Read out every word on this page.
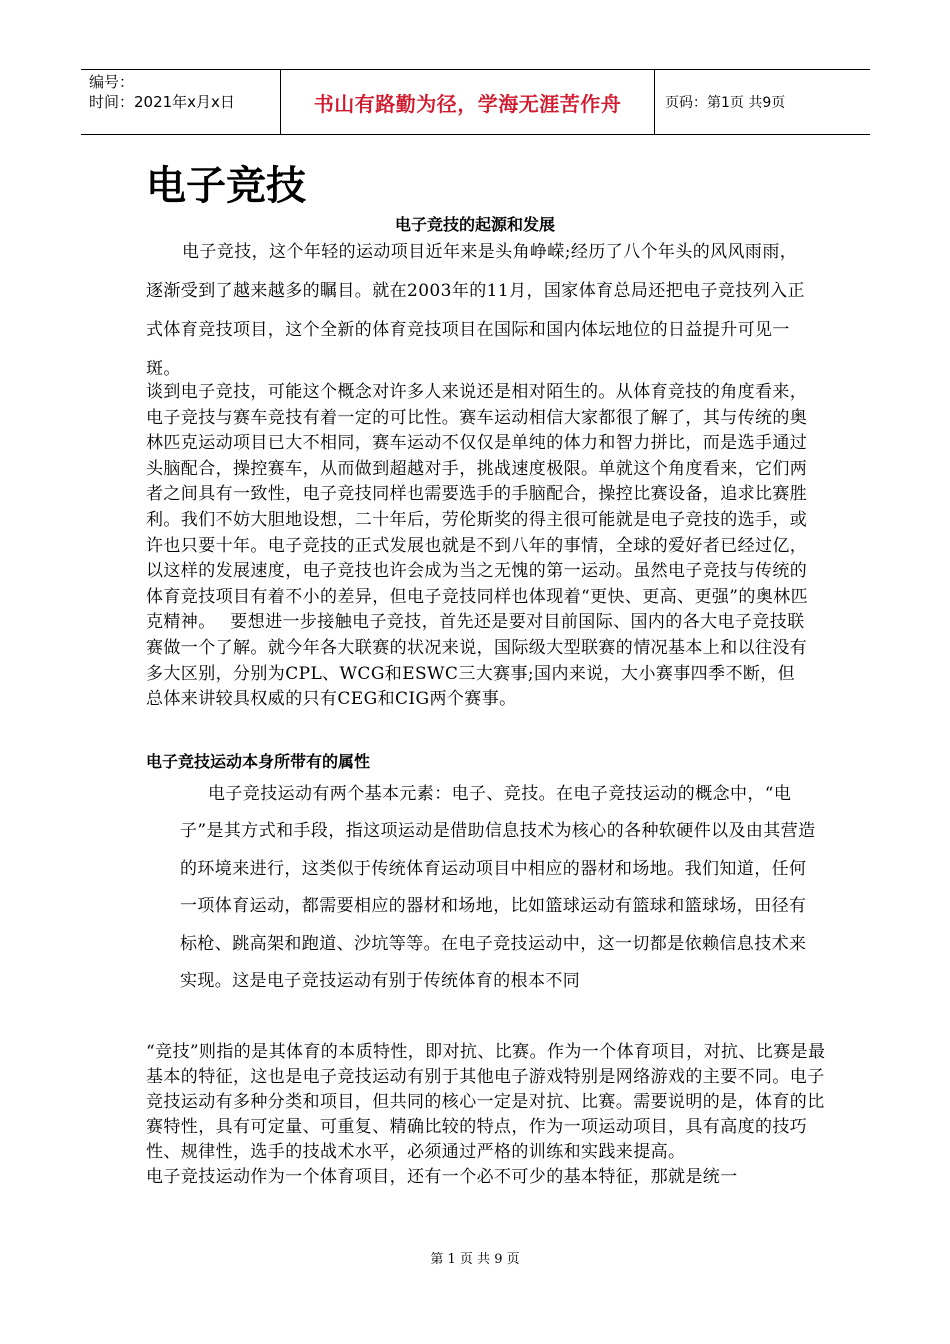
编号：
时间：2021年x月x日	书山有路勤为径，学海无涯苦作舟	页码：第1页 共9页
电子竞技
电子竞技的起源和发展

电子竞技，这个年轻的运动项目近年来是头角峥嵘;经历了八个年头的风风雨雨，逐渐受到了越来越多的瞩目。就在2003年的11月，国家体育总局还把电子竞技列入正式体育竞技项目，这个全新的体育竞技项目在国际和国内体坛地位的日益提升可见一斑。

谈到电子竞技，可能这个概念对许多人来说还是相对陌生的。从体育竞技的角度看来，电子竞技与赛车竞技有着一定的可比性。赛车运动相信大家都很了解了，其与传统的奥林匹克运动项目已大不相同，赛车运动不仅仅是单纯的体力和智力拼比，而是选手通过头脑配合，操控赛车，从而做到超越对手，挑战速度极限。单就这个角度看来，它们两者之间具有一致性，电子竞技同样也需要选手的手脑配合，操控比赛设备，追求比赛胜利。我们不妨大胆地设想，二十年后，劳伦斯奖的得主很可能就是电子竞技的选手，或许也只要十年。电子竞技的正式发展也就是不到八年的事情，全球的爱好者已经过亿，以这样的发展速度，电子竞技也许会成为当之无愧的第一运动。虽然电子竞技与传统的体育竞技项目有着不小的差异，但电子竞技同样也体现着“更快、更高、更强”的奥林匹克精神。　 要想进一步接触电子竞技，首先还是要对目前国际、国内的各大电子竞技联赛做一个了解。就今年各大联赛的状况来说，国际级大型联赛的情况基本上和以往没有多大区别，分别为CPL、WCG和ESWC三大赛事;国内来说，大小赛事四季不断，但总体来讲较具权威的只有CEG和CIG两个赛事。

电子竞技运动本身所带有的属性

电子竞技运动有两个基本元素：电子、竞技。在电子竞技运动的概念中，“电子”是其方式和手段，指这项运动是借助信息技术为核心的各种软硬件以及由其营造的环境来进行，这类似于传统体育运动项目中相应的器材和场地。我们知道，任何一项体育运动，都需要相应的器材和场地，比如篮球运动有篮球和篮球场，田径有标枪、跳高架和跑道、沙坑等等。在电子竞技运动中，这一切都是依赖信息技术来实现。这是电子竞技运动有别于传统体育的根本不同

“竞技”则指的是其体育的本质特性，即对抗、比赛。作为一个体育项目，对抗、比赛是最基本的特征，这也是电子竞技运动有别于其他电子游戏特别是网络游戏的主要不同。电子竞技运动有多种分类和项目，但共同的核心一定是对抗、比赛。需要说明的是，体育的比赛特性，具有可定量、可重复、精确比较的特点，作为一项运动项目，具有高度的技巧性、规律性，选手的技战术水平，必须通过严格的训练和实践来提高。
电子竞技运动作为一个体育项目，还有一个必不可少的基本特征，那就是统一

第 1 页 共 9 页
